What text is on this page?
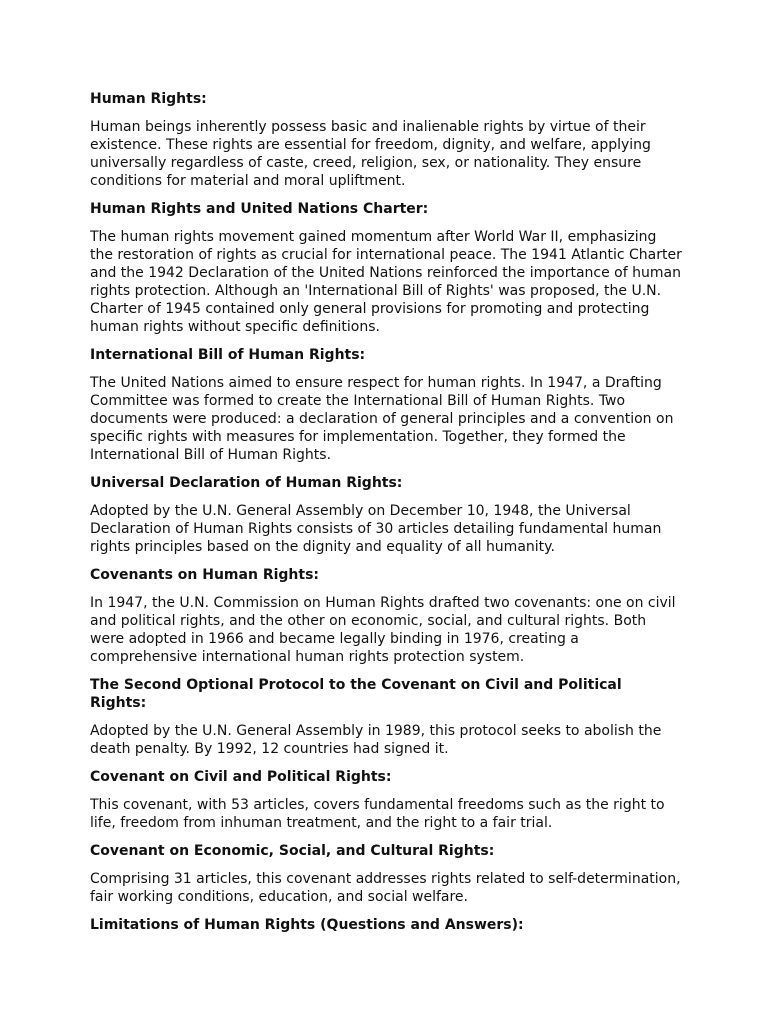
Human Rights:

Human beings inherently possess basic and inalienable rights by virtue of their existence. These rights are essential for freedom, dignity, and welfare, applying universally regardless of caste, creed, religion, sex, or nationality. They ensure conditions for material and moral upliftment.

Human Rights and United Nations Charter:

The human rights movement gained momentum after World War II, emphasizing the restoration of rights as crucial for international peace. The 1941 Atlantic Charter and the 1942 Declaration of the United Nations reinforced the importance of human rights protection. Although an 'International Bill of Rights' was proposed, the U.N. Charter of 1945 contained only general provisions for promoting and protecting human rights without specific definitions.

International Bill of Human Rights:

The United Nations aimed to ensure respect for human rights. In 1947, a Drafting Committee was formed to create the International Bill of Human Rights. Two documents were produced: a declaration of general principles and a convention on specific rights with measures for implementation. Together, they formed the International Bill of Human Rights.

Universal Declaration of Human Rights:

Adopted by the U.N. General Assembly on December 10, 1948, the Universal Declaration of Human Rights consists of 30 articles detailing fundamental human rights principles based on the dignity and equality of all humanity.

Covenants on Human Rights:

In 1947, the U.N. Commission on Human Rights drafted two covenants: one on civil and political rights, and the other on economic, social, and cultural rights. Both were adopted in 1966 and became legally binding in 1976, creating a comprehensive international human rights protection system.

The Second Optional Protocol to the Covenant on Civil and Political Rights:

Adopted by the U.N. General Assembly in 1989, this protocol seeks to abolish the death penalty. By 1992, 12 countries had signed it.

Covenant on Civil and Political Rights:

This covenant, with 53 articles, covers fundamental freedoms such as the right to life, freedom from inhuman treatment, and the right to a fair trial.

Covenant on Economic, Social, and Cultural Rights:

Comprising 31 articles, this covenant addresses rights related to self-determination, fair working conditions, education, and social welfare.

Limitations of Human Rights (Questions and Answers):
